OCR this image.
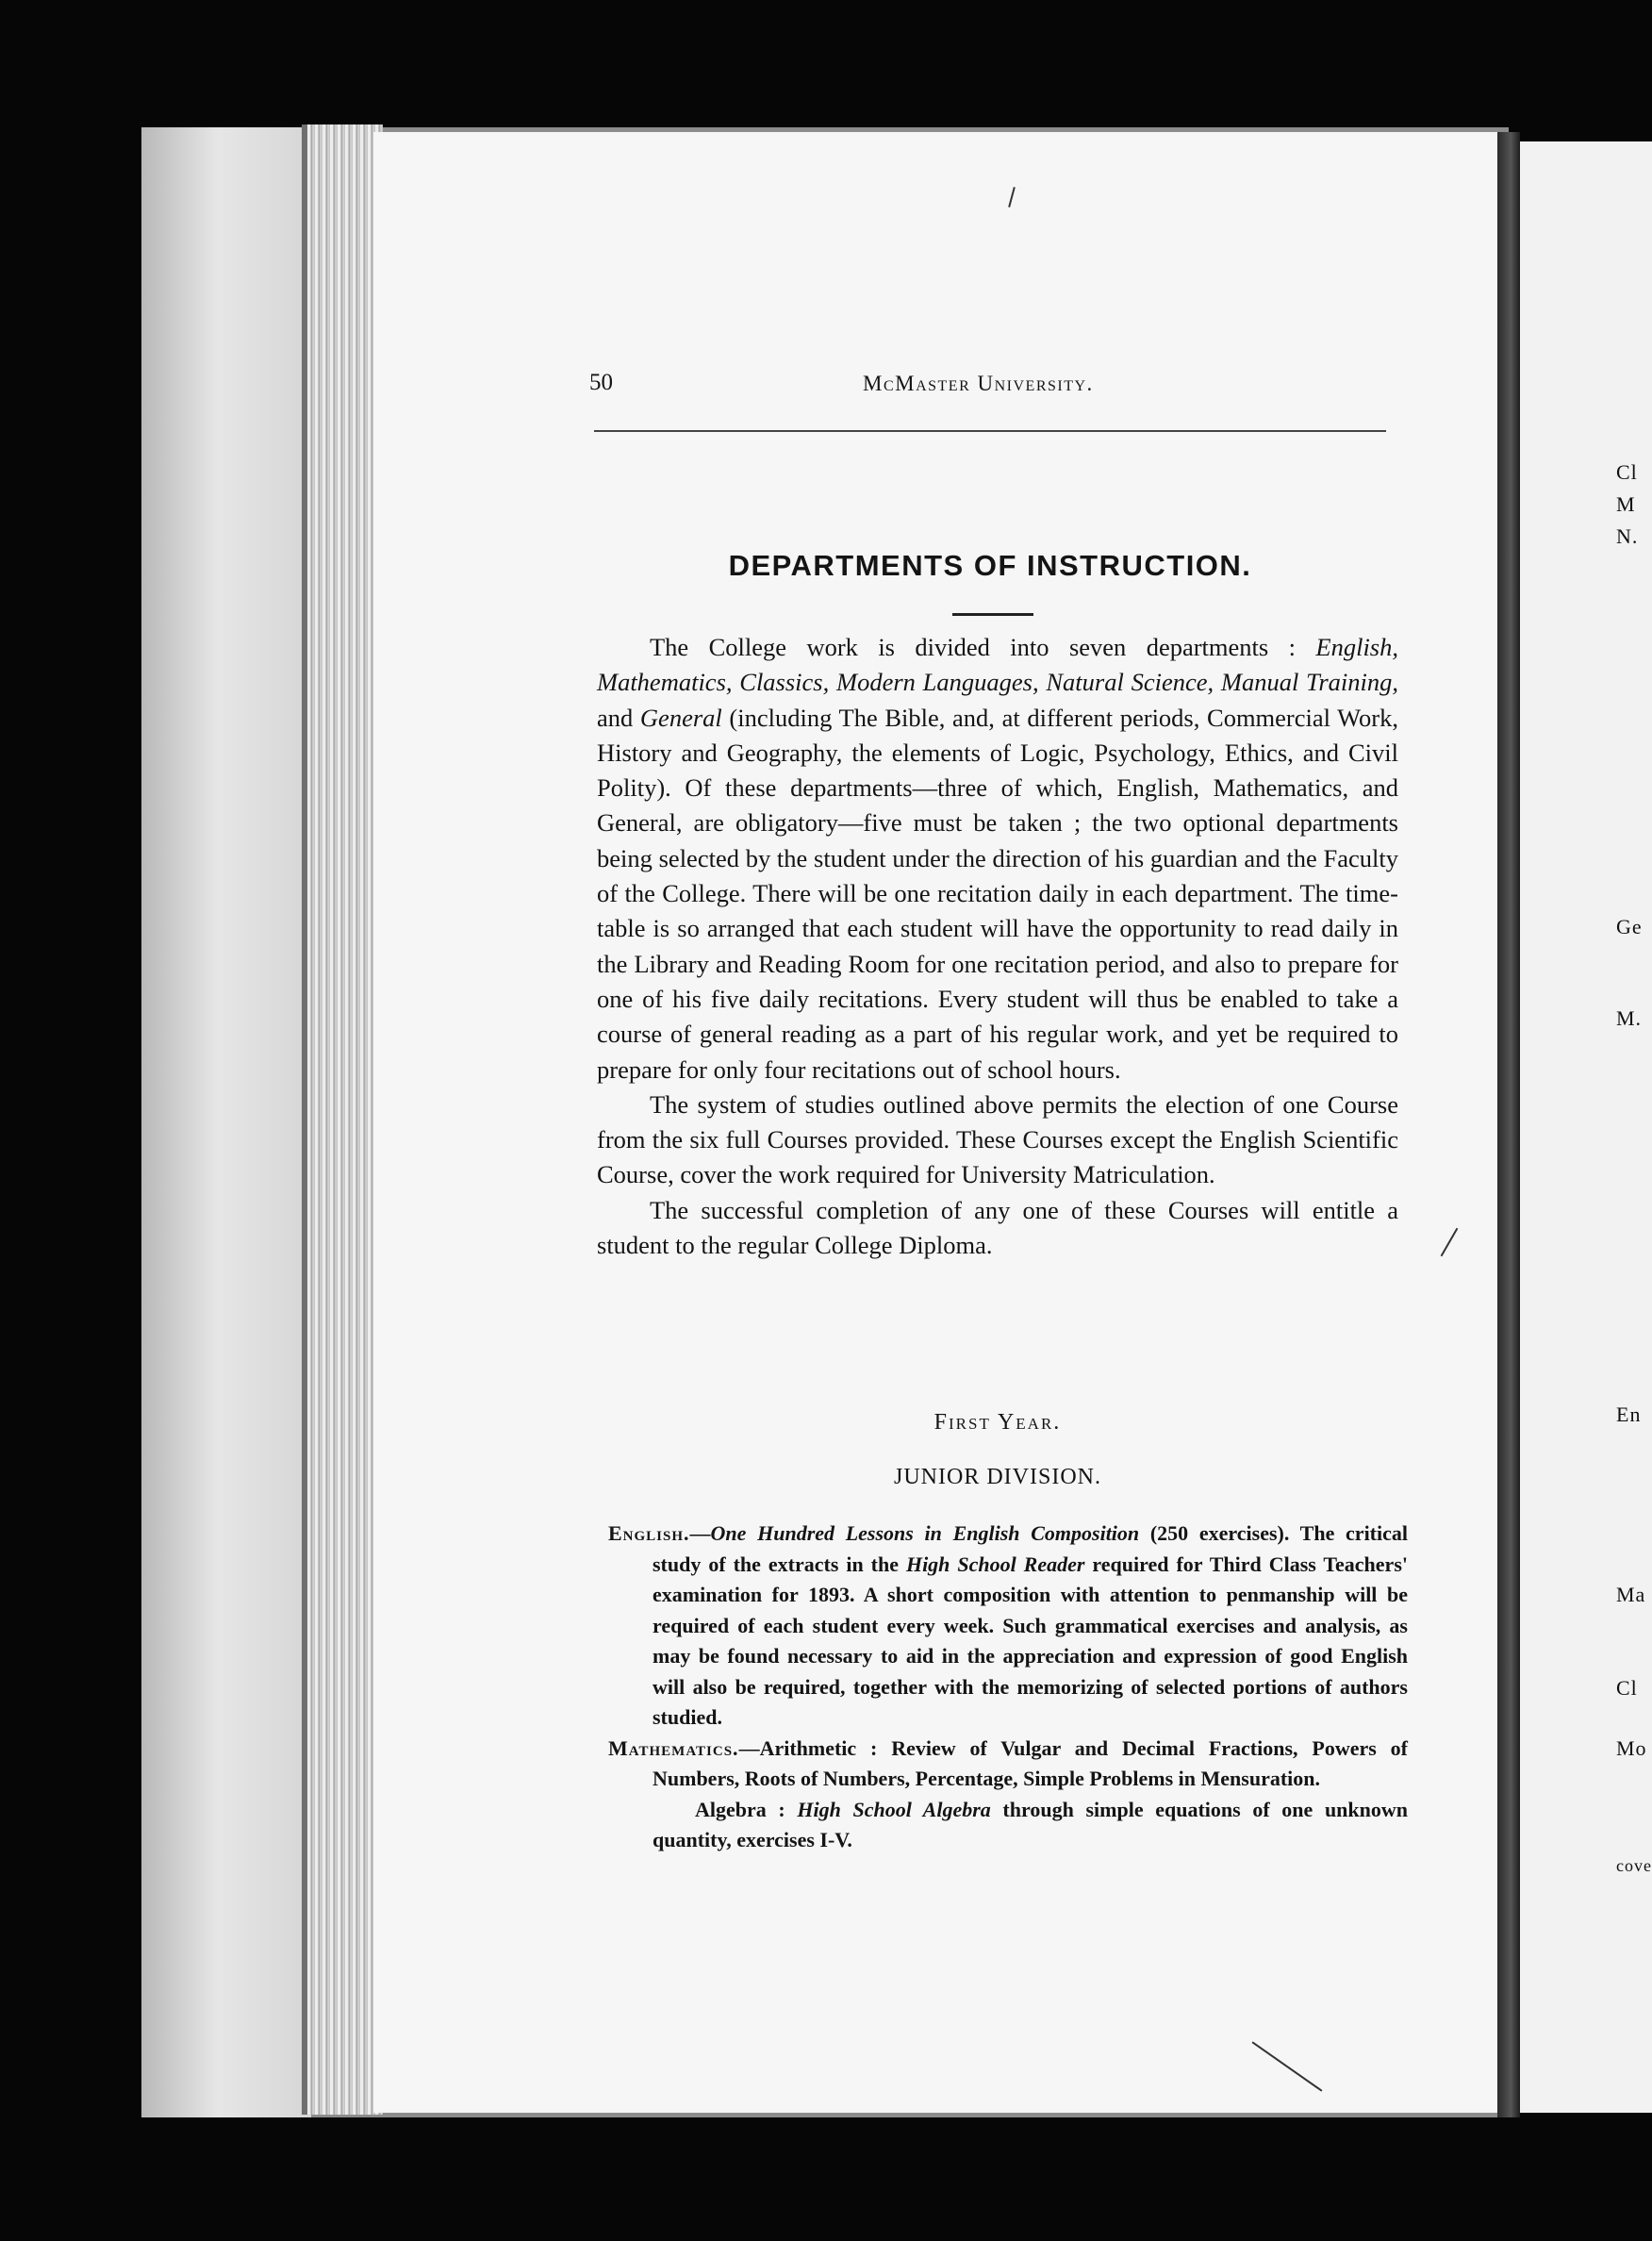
Cl
M
N.
Ge
M.
En
Ma
Cl
Mo
cove
50	McMaster University.
DEPARTMENTS OF INSTRUCTION.

The College work is divided into seven departments : English, Mathematics, Classics, Modern Languages, Natural Science, Manual Training, and General (including The Bible, and, at different periods, Commercial Work, History and Geography, the elements of Logic, Psychology, Ethics, and Civil Polity). Of these departments—three of which, English, Mathematics, and General, are obligatory—five must be taken ; the two optional departments being selected by the student under the direction of his guardian and the Faculty of the College. There will be one recitation daily in each department. The time-table is so arranged that each student will have the opportunity to read daily in the Library and Reading Room for one recitation period, and also to prepare for one of his five daily recitations. Every student will thus be enabled to take a course of general reading as a part of his regular work, and yet be required to prepare for only four recitations out of school hours.

The system of studies outlined above permits the election of one Course from the six full Courses provided. These Courses except the English Scientific Course, cover the work required for University Matriculation.

The successful completion of any one of these Courses will entitle a student to the regular College Diploma.

First Year.
JUNIOR DIVISION.

English.—One Hundred Lessons in English Composition (250 exercises). The critical study of the extracts in the High School Reader required for Third Class Teachers' examination for 1893. A short composition with attention to penmanship will be required of each student every week. Such grammatical exercises and analysis, as may be found necessary to aid in the appreciation and expression of good English will also be required, together with the memorizing of selected portions of authors studied.

Mathematics.—Arithmetic : Review of Vulgar and Decimal Fractions, Powers of Numbers, Roots of Numbers, Percentage, Simple Problems in Mensuration.

Algebra : High School Algebra through simple equations of one unknown quantity, exercises I-V.
